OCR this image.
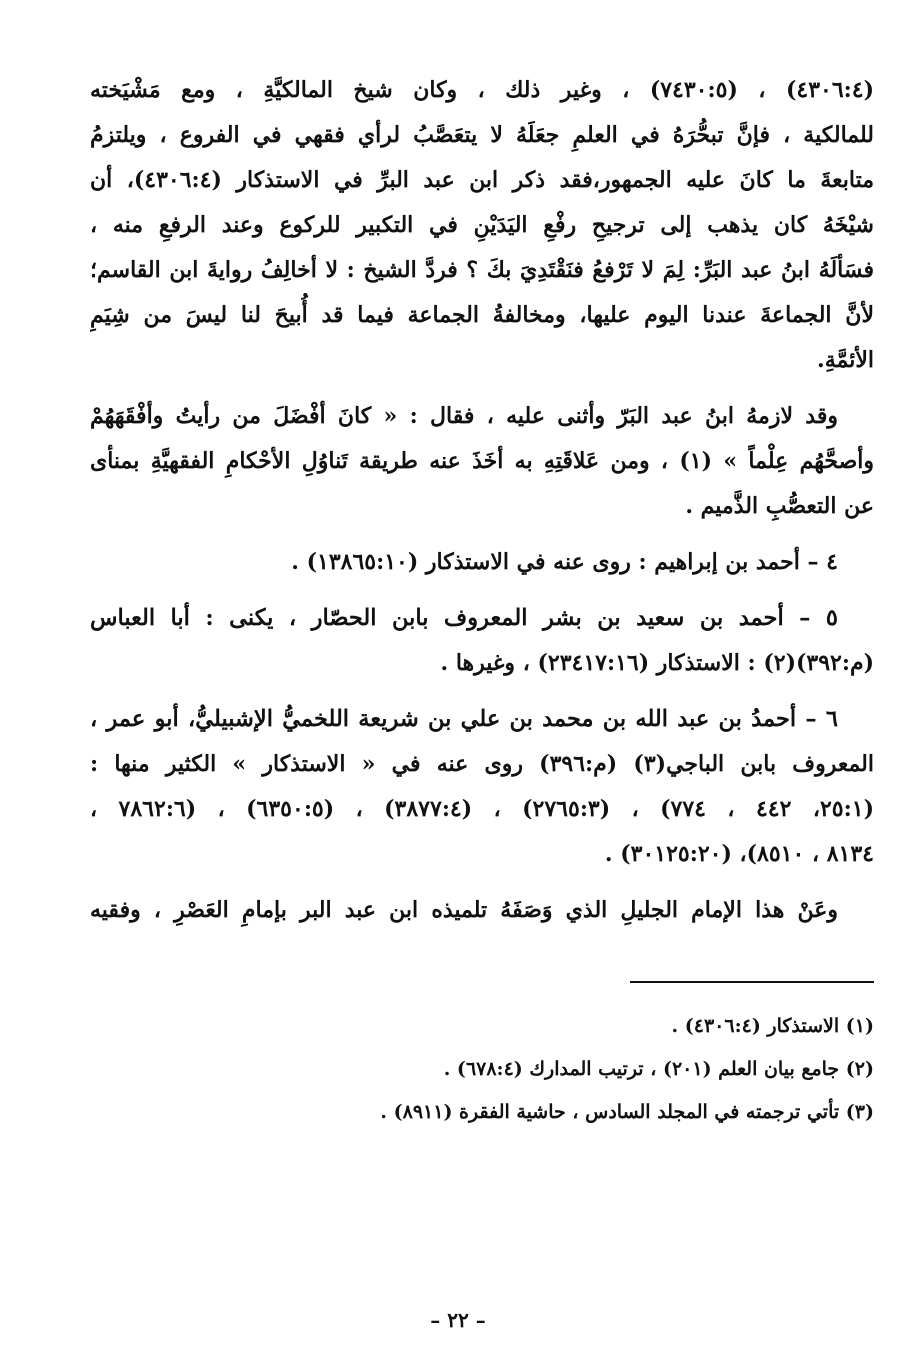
(٤٣٠٦:٤) ، (٧٤٣٠:٥) ، وغير ذلك ، وكان شيخ المالكيَّةِ ، ومع مَشْيَخته
للمالكية ، فإنَّ تبحُّرَهُ في العلمِ جعَلَهُ لا يتعَصَّبُ لرأي فقهي في الفروع ، ويلتزمُ
متابعةَ ما كانَ عليه الجمهور،فقد ذكر ابن عبد البرِّ في الاستذكار (٤٣٠٦:٤)، أن
شيْخَهُ كان يذهب إلى ترجيحِ رفْعِ اليَدَيْنِ في التكبير للركوع وعند الرفعِ منه ،
فسَألَهُ ابنُ عبد البَرِّ: لِمَ لا تَرْفعُ فنَقْتَدِيَ بكَ ؟ فردَّ الشيخ : لا أخالِفُ روايةَ ابن القاسم؛
لأنَّ الجماعةَ عندنا اليوم عليها، ومخالفةُ الجماعة فيما قد أُبيحَ لنا ليسَ من شِيَمِ
الأئمَّةِ.
وقد لازمهُ ابنُ عبد البَرّ وأثنى عليه ، فقال : « كانَ أفْضَلَ من رأيتُ وأفْقَهَهُمْ
وأصحَّهُم عِلْماً » (١) ، ومن عَلاقَتِهِ به أخَذَ عنه طريقة تَناوُلِ الأحْكامِ الفقهيَّةِ بمنأى
عن التعصُّبِ الذَّميم .
٤ – أحمد بن إبراهيم : روى عنه في الاستذكار (١٣٨٦٥:١٠) .
٥ – أحمد بن سعيد بن بشر المعروف بابن الحصّار ، يكنى : أبا العباس
(م:٣٩٢)(٢) : الاستذكار (٢٣٤١٧:١٦) ، وغيرها .
٦ – أحمدُ بن عبد الله بن محمد بن علي بن شريعة اللخميُّ الإشبيليُّ، أبو عمر ،
المعروف بابن الباجي(٣) (م:٣٩٦) روى عنه في « الاستذكار » الكثير منها :
(٢٥:١، ٤٤٢ ، ٧٧٤) ، (٢٧٦٥:٣) ، (٣٨٧٧:٤) ، (٦٣٥٠:٥) ، (٧٨٦٢:٦ ،
٨١٣٤ ، ٨٥١٠)، (٣٠١٢٥:٢٠) .
وعَنْ هذا الإمام الجليلِ الذي وَصَفَهُ تلميذه ابن عبد البر بإمامِ العَصْرِ ، وفقيه
(١) الاستذكار (٤٣٠٦:٤) .
(٢) جامع بيان العلم (٢٠١) ، ترتيب المدارك (٦٧٨:٤) .
(٣) تأتي ترجمته في المجلد السادس ، حاشية الفقرة (٨٩١١) .
– ٢٢ –
